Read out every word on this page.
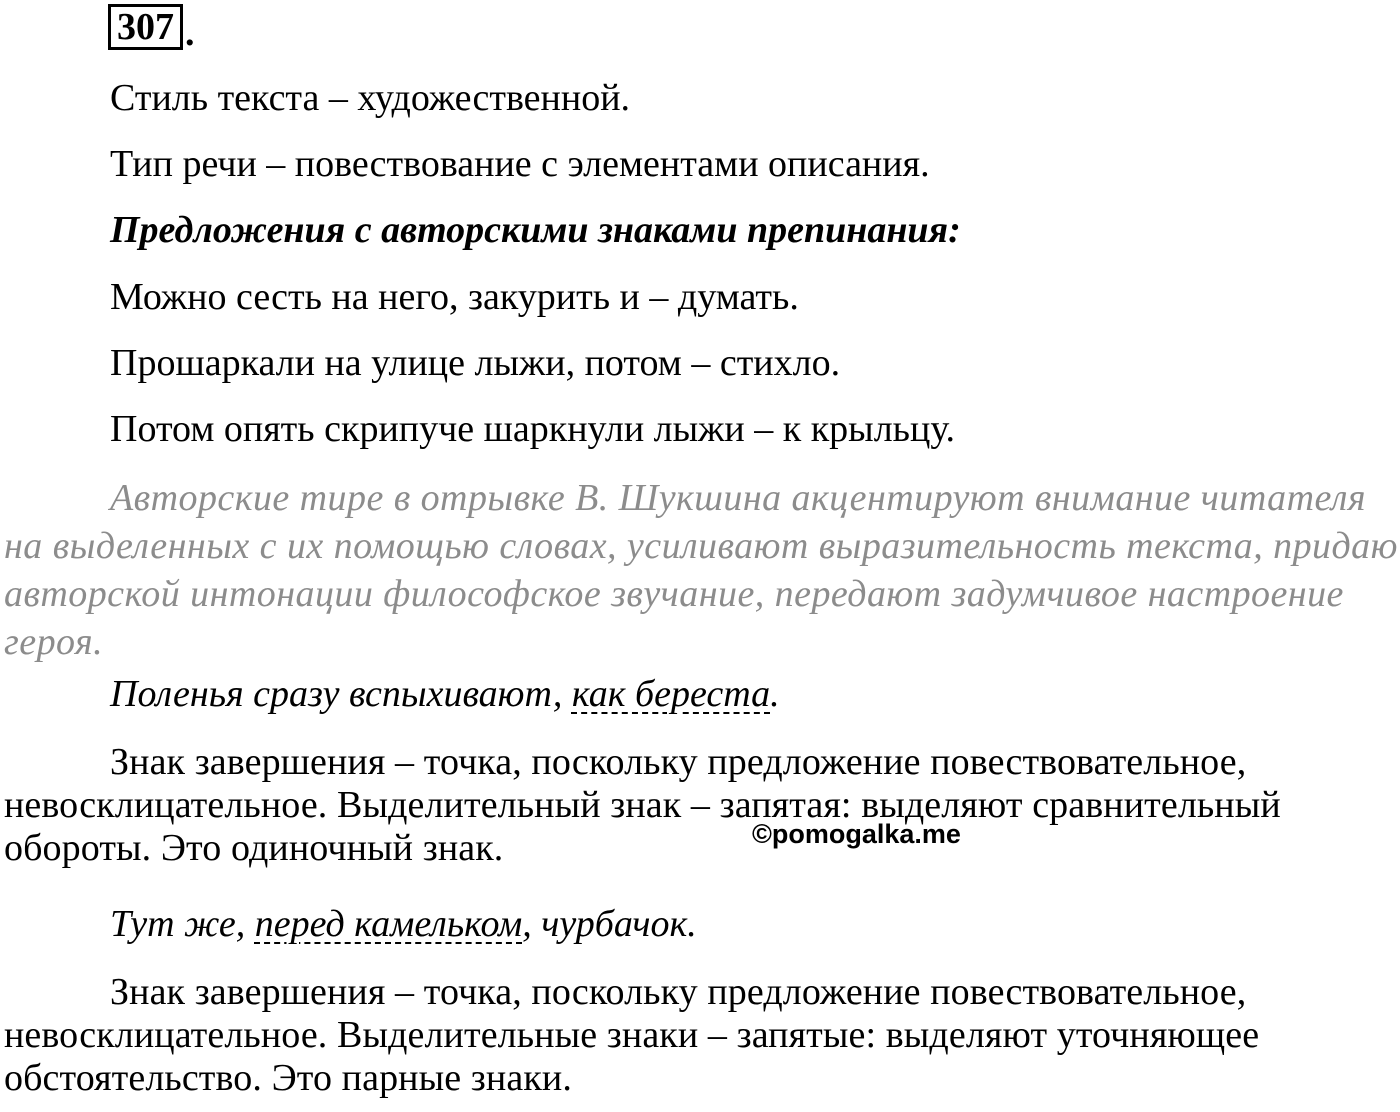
307 .

Стиль текста – художественной.

Тип речи – повествование с элементами описания.

Предложения с авторскими знаками препинания:

Можно сесть на него, закурить и – думать.

Прошаркали на улице лыжи, потом – стихло.

Потом опять скрипуче шаркнули лыжи – к крыльцу.

Авторские тире в отрывке В. Шукшина акцентируют внимание читателя на выделенных с их помощью словах, усиливают выразительность текста, придаю авторской интонации философское звучание, передают задумчивое настроение героя.

Поленья сразу вспыхивают, как береста.

Знак завершения – точка, поскольку предложение повествовательное, невосклицательное. Выделительный знак – запятая: выделяют сравнительный обороты. Это одиночный знак.

Тут же, перед камельком, чурбачок.

Знак завершения – точка, поскольку предложение повествовательное, невосклицательное. Выделительные знаки – запятые: выделяют уточняющее обстоятельство. Это парные знаки.

©pomogalka.me
